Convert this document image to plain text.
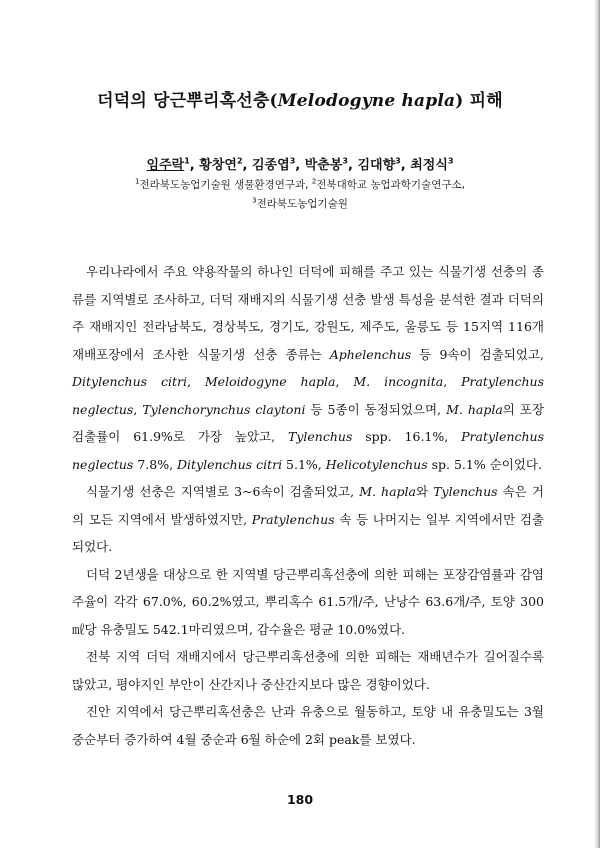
더덕의 당근뿌리혹선충(Melodogyne hapla) 피해
임주락$^1$, 황창연$^2$, 김종엽$^3$, 박춘봉$^3$, 김대향$^3$, 최정식$^3$
$^1$전라북도농업기술원 생물환경연구과, $^2$전북대학교 농업과학기술연구소,
$^3$전라북도농업기술원

우리나라에서 주요 약용작물의 하나인 더덕에 피해를 주고 있는 식물기생 선충의 종류를 지역별로 조사하고, 더덕 재배지의 식물기생 선충 발생 특성을 분석한 결과 더덕의 주 재배지인 전라남북도, 경상북도, 경기도, 강원도, 제주도, 울릉도 등 15지역 116개 재배포장에서 조사한 식물기생 선충 종류는 Aphelenchus 등 9속이 검출되었고, Ditylenchus citri, Meloidogyne hapla, M. incognita, Pratylenchus neglectus, Tylenchorynchus claytoni 등 5종이 동정되었으며, M. hapla의 포장검출률이 61.9%로 가장 높았고, Tylenchus spp. 16.1%, Pratylenchus neglectus 7.8%, Ditylenchus citri 5.1%, Helicotylenchus sp. 5.1% 순이었다.

식물기생 선충은 지역별로 3~6속이 검출되었고, M. hapla와 Tylenchus 속은 거의 모든 지역에서 발생하였지만, Pratylenchus 속 등 나머지는 일부 지역에서만 검출되었다.

더덕 2년생을 대상으로 한 지역별 당근뿌리혹선충에 의한 피해는 포장감염률과 감염주율이 각각 67.0%, 60.2%였고, 뿌리혹수 61.5개/주, 난낭수 63.6개/주, 토양 300㎖당 유충밀도 542.1마리였으며, 감수율은 평균 10.0%였다.

전북 지역 더덕 재배지에서 당근뿌리혹선충에 의한 피해는 재배년수가 길어질수록 많았고, 평야지인 부안이 산간지나 중산간지보다 많은 경향이었다.

진안 지역에서 당근뿌리혹선충은 난과 유충으로 월동하고, 토양 내 유충밀도는 3월 중순부터 증가하여 4월 중순과 6월 하순에 2회 peak를 보였다.

180
